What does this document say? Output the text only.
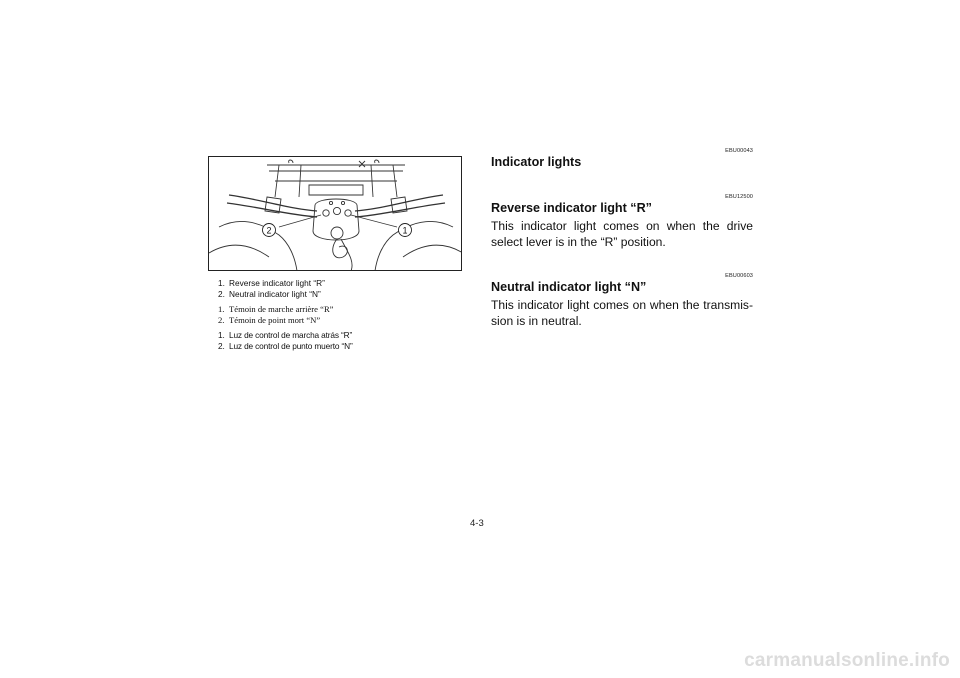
2	1
1. Reverse indicator light “R”
2. Neutral indicator light “N”
1. Témoin de marche arrière “R”
2. Témoin de point mort “N”
1. Luz de control de marcha atrás “R”
2. Luz de control de punto muerto “N”
EBU00043
Indicator lights
EBU12500
Reverse indicator light “R”

This indicator light comes on when the drive select lever is in the “R” position.

EBU00603
Neutral indicator light “N”

This indicator light comes on when the transmis- sion is in neutral.

4-3
carmanualsonline.info
